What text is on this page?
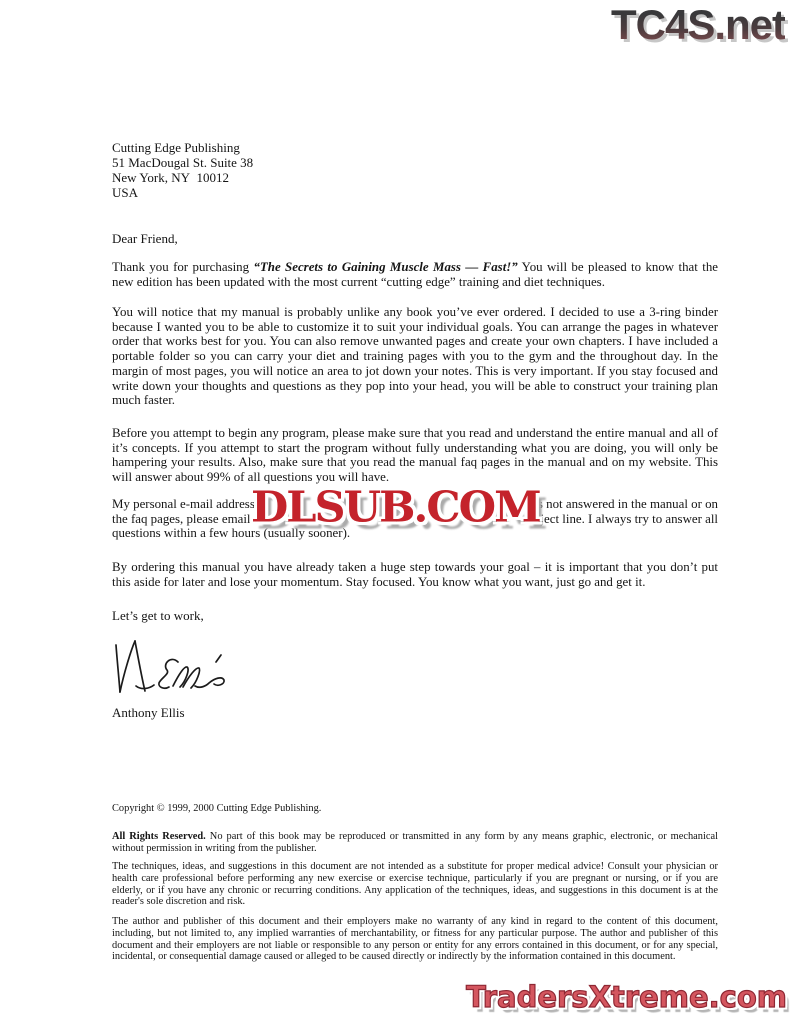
TC4S.net
Cutting Edge Publishing
51 MacDougal St. Suite 38
New York, NY  10012
USA
Dear Friend,

Thank you for purchasing “The Secrets to Gaining Muscle Mass — Fast!” You will be pleased to know that the new edition has been updated with the most current “cutting edge” training and diet techniques.

You will notice that my manual is probably unlike any book you’ve ever ordered. I decided to use a 3-ring binder because I wanted you to be able to customize it to suit your individual goals. You can arrange the pages in whatever order that works best for you. You can also remove unwanted pages and create your own chapters. I have included a portable folder so you can carry your diet and training pages with you to the gym and the throughout day. In the margin of most pages, you will notice an area to jot down your notes. This is very important. If you stay focused and write down your thoughts and questions as they pop into your head, you will be able to construct your training plan much faster.

Before you attempt to begin any program, please make sure that you read and understand the entire manual and all of it’s concepts. If you attempt to start the program without fully understanding what you are doing, you will only be hampering your results. Also, make sure that you read the manual faq pages in the manual and on my website. This will answer about 99% of all questions you will have.

My personal e-mail address	s not answered in the manual or on
the faq pages, please email	ject line. I always try to answer all
questions within a few hours (usually sooner).
DLSUB.COM

By ordering this manual you have already taken a huge step towards your goal – it is important that you don’t put this aside for later and lose your momentum. Stay focused. You know what you want, just go and get it.

Let’s get to work,
Anthony Ellis
Copyright © 1999, 2000 Cutting Edge Publishing.

All Rights Reserved. No part of this book may be reproduced or transmitted in any form by any means graphic, electronic, or mechanical without permission in writing from the publisher.

The techniques, ideas, and suggestions in this document are not intended as a substitute for proper medical advice! Consult your physician or health care professional before performing any new exercise or exercise technique, particularly if you are pregnant or nursing, or if you are elderly, or if you have any chronic or recurring conditions. Any application of the techniques, ideas, and suggestions in this document is at the reader's sole discretion and risk.

The author and publisher of this document and their employers make no warranty of any kind in regard to the content of this document, including, but not limited to, any implied warranties of merchantability, or fitness for any particular purpose. The author and publisher of this document and their employers are not liable or responsible to any person or entity for any errors contained in this document, or for any special, incidental, or consequential damage caused or alleged to be caused directly or indirectly by the information contained in this document.

TradersXtreme.com
